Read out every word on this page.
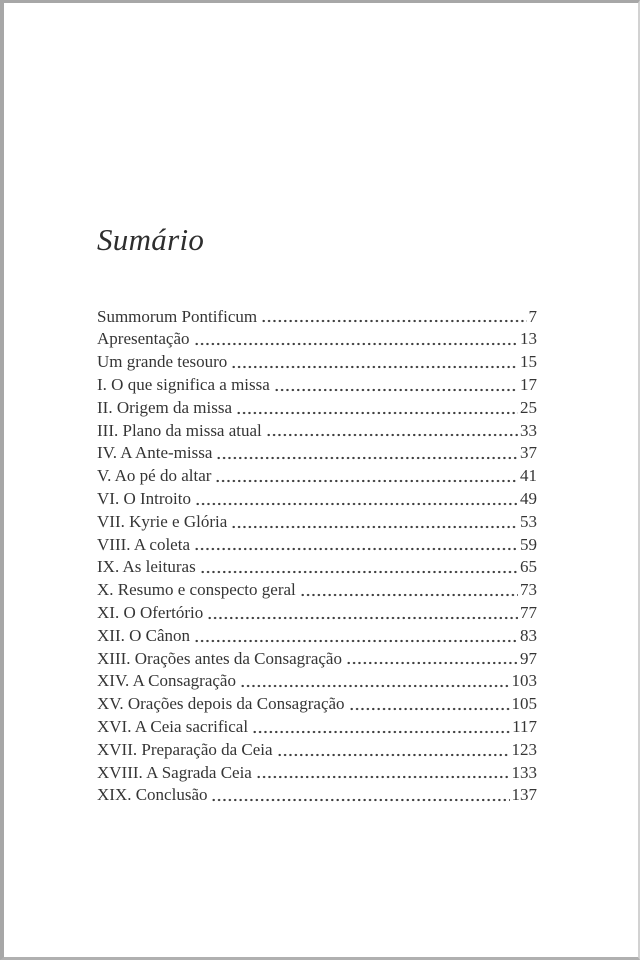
Sumário
Summorum Pontificum	7
Apresentação	13
Um grande tesouro	15
I. O que significa a missa	17
II. Origem da missa	25
III. Plano da missa atual	33
IV. A Ante-missa	37
V. Ao pé do altar	41
VI. O Introito	49
VII. Kyrie e Glória	53
VIII. A coleta	59
IX. As leituras	65
X. Resumo e conspecto geral	73
XI. O Ofertório	77
XII. O Cânon	83
XIII. Orações antes da Consagração	97
XIV. A Consagração	103
XV. Orações depois da Consagração	105
XVI. A Ceia sacrifical	117
XVII. Preparação da Ceia	123
XVIII. A Sagrada Ceia	133
XIX. Conclusão	137
